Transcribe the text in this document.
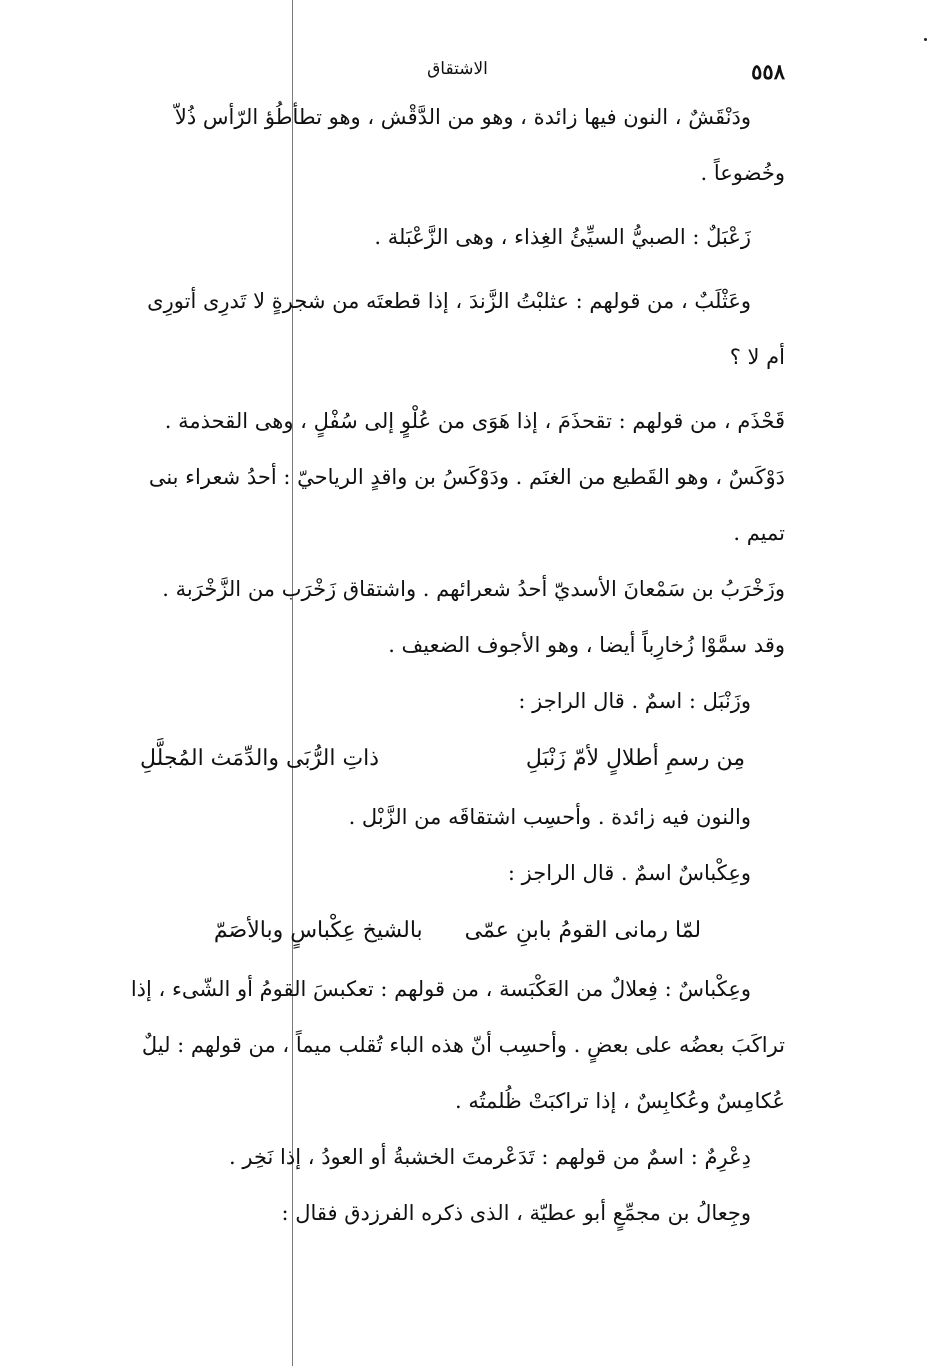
٥٥٨
الاشتقاق

ودَنْقَشٌ ، النون فيها زائدة ، وهو من الدَّقْش ، وهو تطأطُؤ الرّأس ذُلاّ وخُضوعاً .

زَعْبَلٌ : الصبيُّ السيِّئُ الغِذاء ، وهى الزَّعْبَلة .

وعَثْلَبٌ ، من قولهم : عثلبْتُ الزَّندَ ، إذا قطعتَه من شجرةٍ لا تَدرِى أتورِى أم لا ؟

قَحْذَم ، من قولهم : تقحذَمَ ، إذا هَوَى من عُلْوٍ إلى سُفْلٍ ، وهى القحذمة .

دَوْكَسٌ ، وهو القَطيع من الغنَم . ودَوْكَسُ بن واقدٍ الرياحيّ : أحدُ شعراء بنى تميم .

وزَخْرَبُ بن سَمْعانَ الأسديّ أحدُ شعرائهم . واشتقاق زَخْرَب من الزَّخْرَبة . وقد سمَّوْا زُخارِباً أيضا ، وهو الأجوف الضعيف .

وزَنْبَل : اسمٌ . قال الراجز :

مِن رسمِ أطلالٍ لأمّ زَنْبَلِ
ذاتِ الرُّبَى والدِّمَث المُجلَّلِ

والنون فيه زائدة . وأحسِب اشتقاقَه من الزَّبْل .

وعِكْباسٌ اسمٌ . قال الراجز :

لمّا رمانى القومُ بابنِ عمّى
بالشيخ عِكْباسٍ وبالأصَمّ

وعِكْباسٌ : فِعلالٌ من العَكْبَسة ، من قولهم : تعكبسَ القومُ أو الشّىء ، إذا تراكَبَ بعضُه على بعضٍ . وأحسِب أنّ هذه الباء تُقلب ميماً ، من قولهم : ليلٌ عُكامِسٌ وعُكابِسٌ ، إذا تراكبَتْ ظُلمتُه .

دِعْرِمٌ : اسمٌ من قولهم : تَدَعْرمتَ الخشبةُ أو العودُ ، إذا نَخِر .

وجِعالُ بن مجمِّعٍ أبو عطيّة ، الذى ذكره الفرزدق فقال :
